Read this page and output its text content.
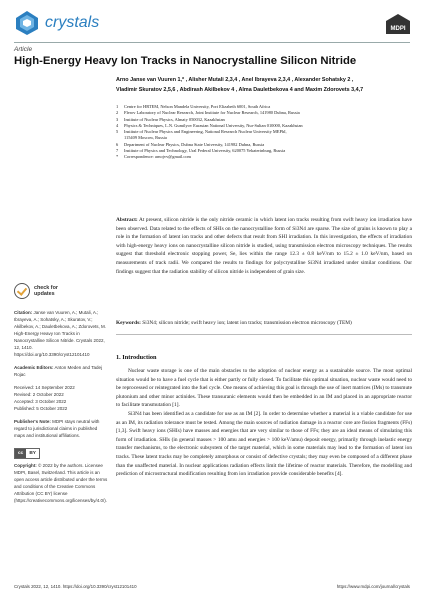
crystals	MDPI
Article
High-Energy Heavy Ion Tracks in Nanocrystalline Silicon Nitride
Arno Janse van Vuuren 1,* , Alisher Mutali 2,3,4 , Anel Ibrayeva 2,3,4 , Alexander Sohatsky 2 ,
Vladimir Skuratov 2,5,6 , Abdirash Akilbekov 4 , Alma Dauletbekova 4 and Maxim Zdorovets 3,4,7
1	Centre for HRTEM, Nelson Mandela University, Port Elizabeth 6001, South Africa
2	Flerov Laboratory of Nuclear Research, Joint Institute for Nuclear Research, 141980 Dubna, Russia
3	Institute of Nuclear Physics, Almaty 050032, Kazakhstan
4	Physics & Techniques, L.N. Gumilyov Eurasian National University, Nur-Sultan 010000, Kazakhstan
5	Institute of Nuclear Physics and Engineering, National Research Nuclear University MEPhI,
115409 Moscow, Russia
6	Department of Nuclear Physics, Dubna State University, 141982 Dubna, Russia
7	Institute of Physics and Technology, Ural Federal University, 620075 Yekaterinburg, Russia
*	Correspondence: arnojvv@gmail.com
Abstract: At present, silicon nitride is the only nitride ceramic in which latent ion tracks resulting from swift heavy ion irradiation have been observed. Data related to the effects of SHIs on the nanocrystalline form of Si3N4 are sparse. The size of grains is known to play a role in the formation of latent ion tracks and other defects that result from SHI irradiation. In this investigation, the effects of irradiation with high-energy heavy ions on nanocrystalline silicon nitride is studied, using transmission electron microscopy techniques. The results suggest that threshold electronic stopping power, Se, lies within the range 12.3 ± 0.8 keV/nm to 15.2 ± 1.0 keV/nm, based on measurements of track radii. We compared the results to findings for polycrystalline Si3N4 irradiated under similar conditions. Our findings suggest that the radiation stability of silicon nitride is independent of grain size.
Keywords: Si3N4; silicon nitride; swift heavy ion; latent ion tracks; transmission electron microscopy (TEM)
1. Introduction

Nuclear waste storage is one of the main obstacles to the adoption of nuclear energy as a sustainable source. The most optimal situation would be to have a fuel cycle that is either partly or fully closed. To facilitate this optimal situation, nuclear waste would need to be reprocessed or reintegrated into the fuel cycle. One means of achieving this goal is through the use of inert matrices (IMs) to transmute plutonium and other minor actinides. These transuranic elements would then be embedded in an IM and placed in an appropriate reactor to facilitate transmutation [1].

Si3N4 has been identified as a candidate for use as an IM [2]. In order to determine whether a material is a viable candidate for use as an IM, its radiation tolerance must be tested. Among the main sources of radiation damage in a reactor core are fission fragments (FFs) [1,3]. Swift heavy ions (SHIs) have masses and energies that are very similar to those of FFs; they are an ideal means of simulating this form of irradiation. SHIs (in general masses > 100 amu and energies > 100 keV/amu) deposit energy, primarily through inelastic energy transfer mechanisms, to the electronic subsystem of the target material, which in some materials may lead to the formation of latent ion tracks. These latent tracks may be completely amorphous or consist of defective crystals; they may even be composed of a different phase than the unaffected material. In nuclear applications radiation effects limit the lifetime of reactor materials. Therefore, the modelling and prediction of microstructural modification resulting from ion irradiation provide considerable benefits [4].

check for
updates
Citation: Janse van Vuuren, A.; Mutali, A.; Ibrayeva, A.; Sohatsky, A.; Skuratov, V.; Akilbekov, A.; Dauletbekova, A.; Zdorovets, M. High-Energy Heavy Ion Tracks in Nanocrystalline Silicon Nitride. Crystals 2022, 12, 1410. https://doi.org/10.3390/cryst12101410
Academic Editors: Anton Meden and Tadej Rojac
Received: 14 September 2022
Revised: 2 October 2022
Accepted: 3 October 2022
Published: 5 October 2022
Publisher's Note: MDPI stays neutral with regard to jurisdictional claims in published maps and institutional affiliations.
cc	BY
Copyright: © 2022 by the authors. Licensee MDPI, Basel, Switzerland. This article is an open access article distributed under the terms and conditions of the Creative Commons Attribution (CC BY) license (https://creativecommons.org/licenses/by/4.0/).
Crystals 2022, 12, 1410. https://doi.org/10.3390/cryst12101410	https://www.mdpi.com/journal/crystals
